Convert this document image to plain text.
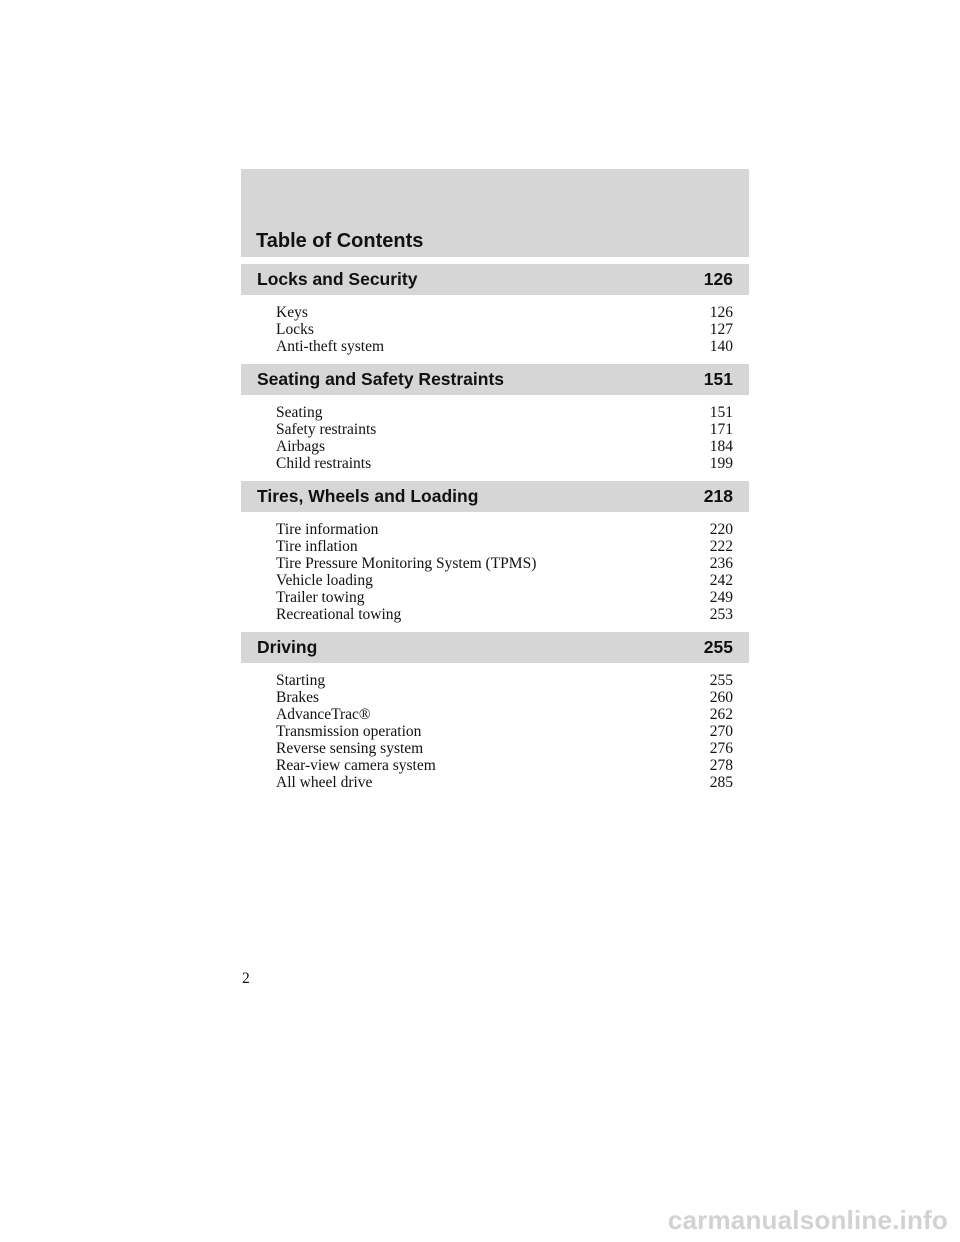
Table of Contents
Locks and Security	126
Keys	126
Locks	127
Anti-theft system	140
Seating and Safety Restraints	151
Seating	151
Safety restraints	171
Airbags	184
Child restraints	199
Tires, Wheels and Loading	218
Tire information	220
Tire inflation	222
Tire Pressure Monitoring System (TPMS)	236
Vehicle loading	242
Trailer towing	249
Recreational towing	253
Driving	255
Starting	255
Brakes	260
AdvanceTrac®	262
Transmission operation	270
Reverse sensing system	276
Rear-view camera system	278
All wheel drive	285
2
carmanualsonline.info
